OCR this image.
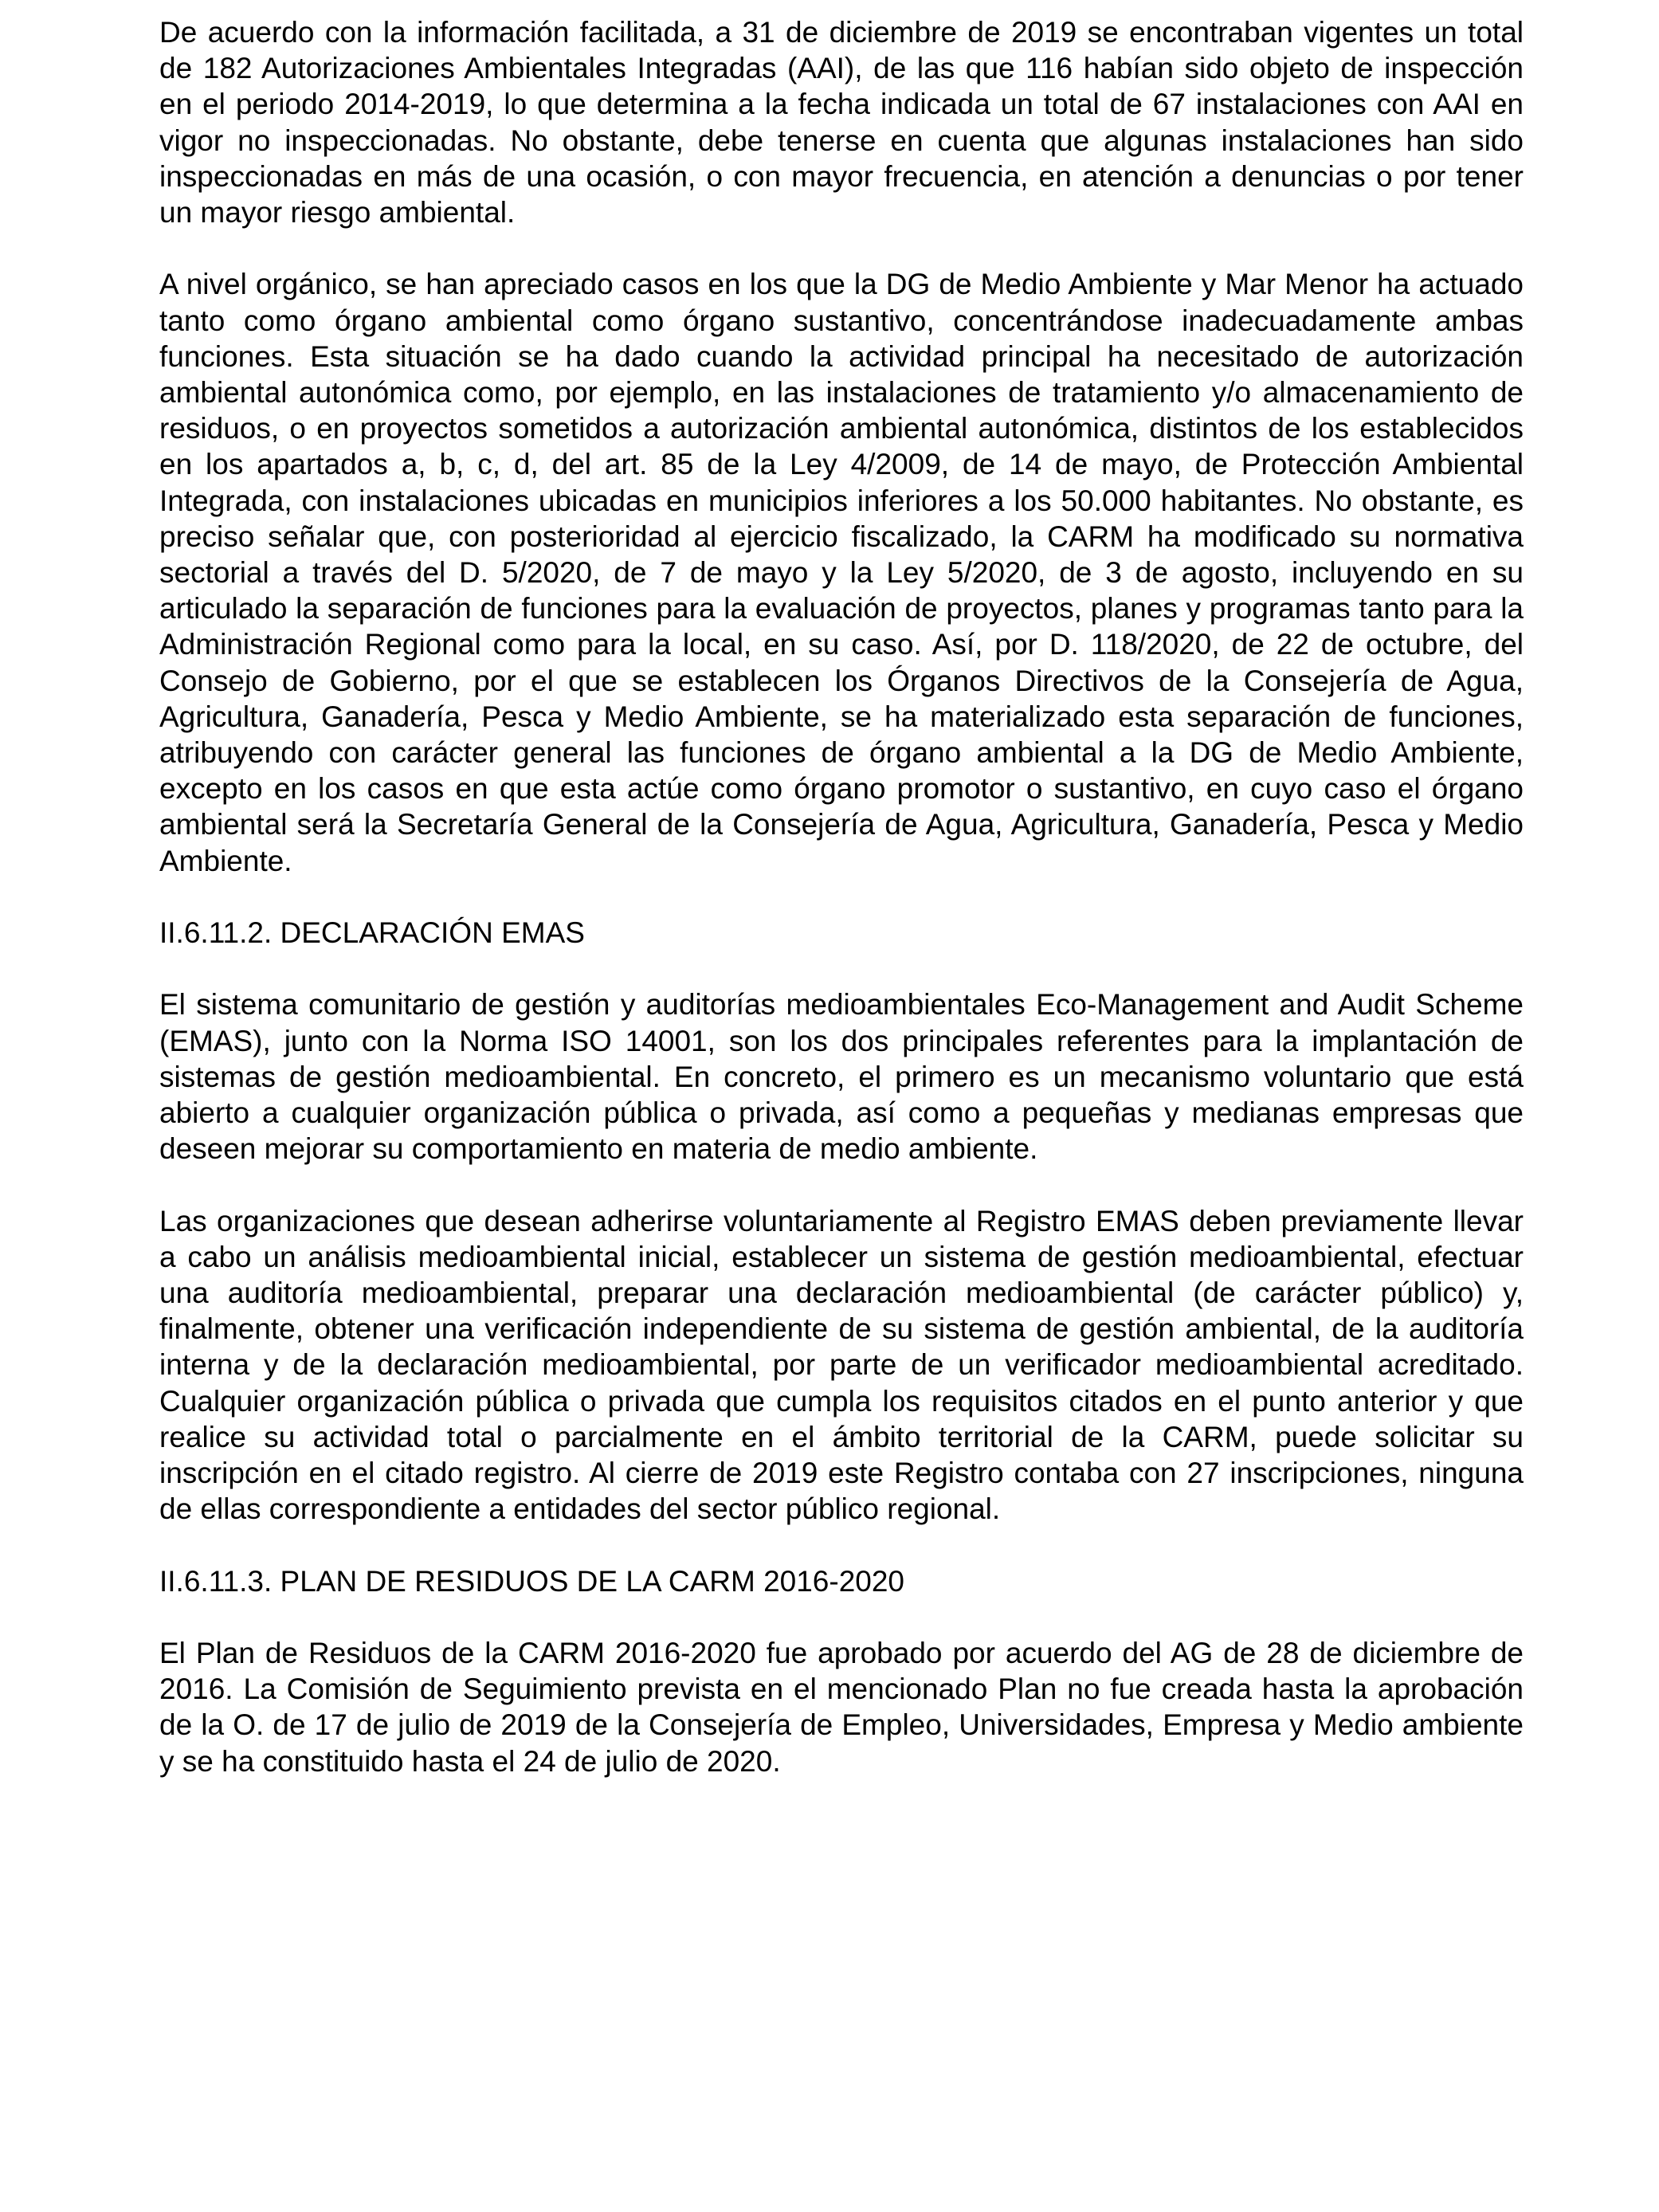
De acuerdo con la información facilitada, a 31 de diciembre de 2019 se encontraban vigentes un total de 182 Autorizaciones Ambientales Integradas (AAI), de las que 116 habían sido objeto de inspección en el periodo 2014-2019, lo que determina a la fecha indicada un total de 67 instalaciones con AAI en vigor no inspeccionadas. No obstante, debe tenerse en cuenta que algunas instalaciones han sido inspeccionadas en más de una ocasión, o con mayor frecuencia, en atención a denuncias o por tener un mayor riesgo ambiental.

A nivel orgánico, se han apreciado casos en los que la DG de Medio Ambiente y Mar Menor ha actuado tanto como órgano ambiental como órgano sustantivo, concentrándose inadecuadamente ambas funciones. Esta situación se ha dado cuando la actividad principal ha necesitado de autorización ambiental autonómica como, por ejemplo, en las instalaciones de tratamiento y/o almacenamiento de residuos, o en proyectos sometidos a autorización ambiental autonómica, distintos de los establecidos en los apartados a, b, c, d, del art. 85 de la Ley 4/2009, de 14 de mayo, de Protección Ambiental Integrada, con instalaciones ubicadas en municipios inferiores a los 50.000 habitantes. No obstante, es preciso señalar que, con posterioridad al ejercicio fiscalizado, la CARM ha modificado su normativa sectorial a través del D. 5/2020, de 7 de mayo y la Ley 5/2020, de 3 de agosto, incluyendo en su articulado la separación de funciones para la evaluación de proyectos, planes y programas tanto para la Administración Regional como para la local, en su caso. Así, por D. 118/2020, de 22 de octubre, del Consejo de Gobierno, por el que se establecen los Órganos Directivos de la Consejería de Agua, Agricultura, Ganadería, Pesca y Medio Ambiente, se ha materializado esta separación de funciones, atribuyendo con carácter general las funciones de órgano ambiental a la DG de Medio Ambiente, excepto en los casos en que esta actúe como órgano promotor o sustantivo, en cuyo caso el órgano ambiental será la Secretaría General de la Consejería de Agua, Agricultura, Ganadería, Pesca y Medio Ambiente.

II.6.11.2. DECLARACIÓN EMAS

El sistema comunitario de gestión y auditorías medioambientales Eco-Management and Audit Scheme (EMAS), junto con la Norma ISO 14001, son los dos principales referentes para la implantación de sistemas de gestión medioambiental. En concreto, el primero es un mecanismo voluntario que está abierto a cualquier organización pública o privada, así como a pequeñas y medianas empresas que deseen mejorar su comportamiento en materia de medio ambiente.

Las organizaciones que desean adherirse voluntariamente al Registro EMAS deben previamente llevar a cabo un análisis medioambiental inicial, establecer un sistema de gestión medioambiental, efectuar una auditoría medioambiental, preparar una declaración medioambiental (de carácter público) y, finalmente, obtener una verificación independiente de su sistema de gestión ambiental, de la auditoría interna y de la declaración medioambiental, por parte de un verificador medioambiental acreditado. Cualquier organización pública o privada que cumpla los requisitos citados en el punto anterior y que realice su actividad total o parcialmente en el ámbito territorial de la CARM, puede solicitar su inscripción en el citado registro. Al cierre de 2019 este Registro contaba con 27 inscripciones, ninguna de ellas correspondiente a entidades del sector público regional.

II.6.11.3. PLAN DE RESIDUOS DE LA CARM 2016-2020

El Plan de Residuos de la CARM 2016-2020 fue aprobado por acuerdo del AG de 28 de diciembre de 2016. La Comisión de Seguimiento prevista en el mencionado Plan no fue creada hasta la aprobación de la O. de 17 de julio de 2019 de la Consejería de Empleo, Universidades, Empresa y Medio ambiente y se ha constituido hasta el 24 de julio de 2020.
